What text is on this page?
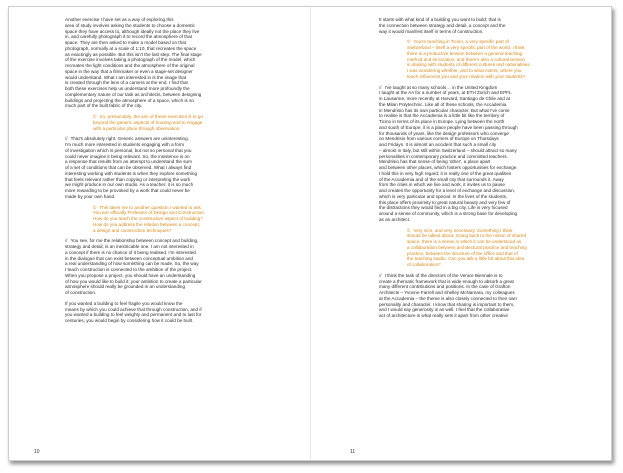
Another exercise I have set as a way of exploring this
area of study involves asking the students to choose a domestic
space they have access to, although ideally not the place they live
in, and carefully photograph it to record the atmosphere of that
space. They are then asked to make a model based on that
photograph, normally at a scale of 1:10, that recreates the space
as exactingly as possible. But this isn't the last step. The final stage
of the exercise involves taking a photograph of the model, which
recreates the light conditions and the atmosphere of the original
space in the way that a filmmaker or even a stage-set designer
would understand. What I am interested in is the image that
is created through the lens of a camera at the end. I find that
both these exercises help us understand more profoundly the
complementary nature of our task as architects, between designing
buildings and projecting the atmosphere of a space, which is so
much part of the built fabric of the city.

© So, presumably, the aim of these exercises is to go
beyond the generic aspects of housing and to engage
with a particular place through observation.

// That's absolutely right. Generic answers are uninteresting.
I'm much more interested in students engaging with a form
of investigation which is personal, but not so personal that you
could never imagine it being relevant. So, the insistence is on
a response that results from an attempt to understand the sum
of a set of conditions that can be observed. What I always find
interesting working with students is when they explore something
that feels relevant rather than copying or interpreting the work
we might produce in our own studio. As a teacher, it is so much
more rewarding to be provoked by a work that could never be
made by your own hand.

© This takes me to another question I wanted to ask.
You are officially Professor of Design and Construction.
How do you teach the constructive aspect of building?
How do you address the relation between a concept,
a design and construction techniques?

// You see, for me the relationship between concept and building,
strategy and detail, is an inextricable one. I am not interested in
a concept if there is no chance of it being realised. I'm interested
in the dialogue that can exist between conceptual ambition and
a real understanding of how something can be made. So, the way
I teach construction is connected to the ambition of the project.
When you propose a project, you should have an understanding
of how you would like to build it; your ambition to create a particular
atmosphere should really be grounded in an understanding
of construction.

If you wanted a building to feel fragile you would know the
means by which you could achieve that through construction, and if
you wanted a building to feel weighty and permanent and to last for
centuries, you would begin by considering how it could be built.

It starts with what kind of a building you want to build; that is
the connection between strategy and detail, a concept and the
way it would manifest itself in terms of construction.

© You're teaching in Ticino, a very specific part of
Switzerland – itself a very specific part of the world. I think
there is a productive tension between a general teaching
method and its location, and there's also a cultural tension
in dealing with students of different cultures and nationalities.
I was wondering whether, and to what extent, where you
teach influences you and your relation with your students?

// I've taught at so many schools… in the United Kingdom
I taught at the AA for a number of years, at ETH Zurich and EPFL
in Lausanne, more recently at Harvard, Santiago de Chile and at
the Milan Polytechnic. Like all of these schools, the Accademia
in Mendrisio has its own particular character. But what I've come
to realise is that the Accademia is a little bit like the territory of
Ticino in terms of its place in Europe. Lying between the north
and south of Europe, it is a place people have been passing through
for thousands of years, like the design professors who converge
on Mendrisio from various corners of Europe on Thursdays
and Fridays. It is almost an accident that such a small city
– almost in Italy, but still within Switzerland – should attract so many
personalities in contemporary practice and committed teachers.
Mendrisio has that sense of being 'other', a place apart
and between other places, which fosters opportunities for exchange.
I hold this in very high regard; it is really one of the great qualities
of the Accademia and of the small city that surrounds it. Away
from the cities in which we live and work, it invites us to pause
and creates the opportunity for a level of exchange and discussion,
which is very particular and special. In the lives of the students,
this place offers proximity to great natural beauty and very few of
the distractions they would find in a big city. Life is very focused
around a sense of community, which is a strong base for developing
as an architect.

© Very nice, and very necessary. Something I think
should be talked about. Going back to the notion of shared
space, there is a sense in which it can be understood as
a collaboration between architectural practice and teaching
practice, between the structure of the office and that of
the teaching studio. Can you talk a little bit about this idea
of collaboration?

// I think the task of the directors of the Venice Biennale is to
create a thematic framework that is wide enough to absorb a great
many different contributions and positions. In the case of Grafton
Architects – Yvonne Farrell and Shelley McNamara, my colleagues
at the Accademia – the theme is also closely connected to their own
personality and character. I know that sharing is important to them,
and I would say generosity is as well. I feel that the collaborative
act of architecture is what really sets it apart from other creative

10	11
